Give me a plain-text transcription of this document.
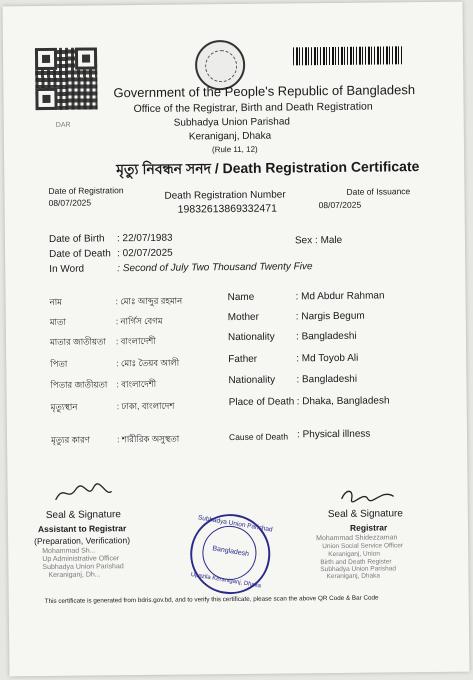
DAR
Government of the People's Republic of Bangladesh
Office of the Registrar, Birth and Death Registration
Subhadya Union Parishad
Keraniganj, Dhaka
(Rule 11, 12)
মৃত্যু নিবন্ধন সনদ / Death Registration Certificate
Date of Registration
08/07/2025
Death Registration Number
19832613869332471
Date of Issuance
08/07/2025
Date of Birth : 22/07/1983	Sex : Male
Date of Death : 02/07/2025
In Word	: Second of July Two Thousand Twenty Five
নাম	: মোঃ আব্দুর রহমান	Name	: Md Abdur Rahman
মাতা	: নার্গিস বেগম	Mother	: Nargis Begum
মাতার জাতীয়তা : বাংলাদেশী	Nationality : Bangladeshi
পিতা	: মোঃ তৈয়ব আলী	Father	: Md Toyob Ali
পিতার জাতীয়তা : বাংলাদেশী	Nationality : Bangladeshi
মৃত্যুস্থান	: ঢাকা, বাংলাদেশ	Place of Death : Dhaka, Bangladesh
মৃত্যুর কারণ	: শারীরিক অসুস্থতা	Cause of Death : Physical illness
Seal & Signature
Assistant to Registrar
(Preparation, Verification)
Mohammad Sh...
Up Administrative Officer
Subhadya Union Parishad
Keraniganj, Dh...
Subhadya Union Parishad
Bangladesh
Upazila Keraniganj, Dhaka
Seal & Signature
Registrar
Mohammad Shidezzaman
Union Social Service Officer
Keraniganj, Union
Birth and Death Register
Subhadya Union Parishad
Keraniganj, Dhaka
This certificate is generated from bdris.gov.bd, and to verify this certificate, please scan the above QR Code & Bar Code
